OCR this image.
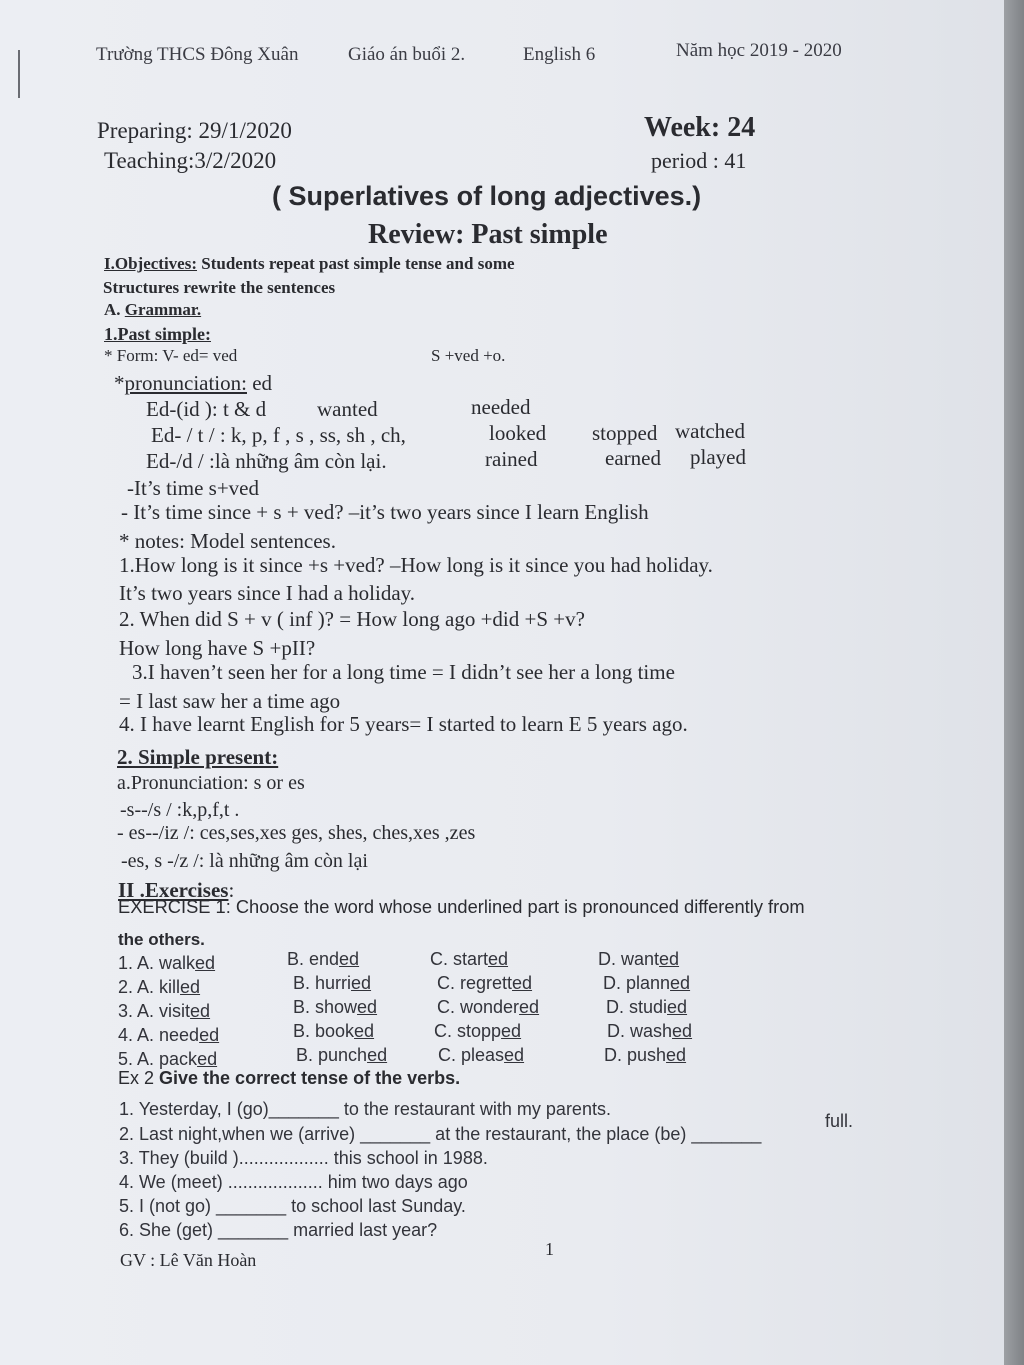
Trường THCS Đông Xuân	Giáo án buổi 2.	English 6	Năm học 2019 - 2020
Preparing: 29/1/2020
Teaching:3/2/2020
Week: 24
period : 41
( Superlatives of long adjectives.)
Review: Past simple
I.Objectives: Students repeat past simple tense and some
Structures rewrite the sentences
A. Grammar.
1.Past simple:
* Form: V- ed= ved	S +ved +o.
*pronunciation: ed
Ed-(id ): t & d wanted	needed
Ed- / t / : k, p, f , s , ss, sh , ch,	looked stopped watched
Ed-/d / :là những âm còn lại.	rained	earned played
-It’s time s+ved
- It’s time since + s + ved? –it’s two years since I learn English
* notes: Model sentences.
1.How long is it since +s +ved? –How long is it since you had holiday.
It’s two years since I had a holiday.
2. When did S + v ( inf )? = How long ago +did +S +v?
How long have S +pII?
3.I haven’t seen her for a long time = I didn’t see her a long time
= I last saw her a time ago
4. I have learnt English for 5 years= I started to learn E 5 years ago.
2. Simple present:
a.Pronunciation: s or es
-s--/s / :k,p,f,t .
- es--/iz /: ces,ses,xes ges, shes, ches,xes ,zes
-es, s -/z /: là những âm còn lại
II .Exercises:
EXERCISE 1: Choose the word whose underlined part is pronounced differently from
the others.
1. A. walked	B. ended	C. started	D. wanted
2. A. killed	B. hurried	C. regretted	D. planned
3. A. visited	B. showed	C. wondered	D. studied
4. A. needed	B. booked	C. stopped	D. washed
5. A. packed	B. punched	C. pleased	D. pushed
Ex 2 Give the correct tense of the verbs.
1. Yesterday, I (go)_______ to the restaurant with my parents.
2. Last night,when we (arrive) _______ at the restaurant, the place (be) _______
full.
3. They (build ).................. this school in 1988.
4. We (meet) ................... him two days ago
5. I (not go) _______ to school last Sunday.
6. She (get) _______ married last year?
GV : Lê Văn Hoàn
1
